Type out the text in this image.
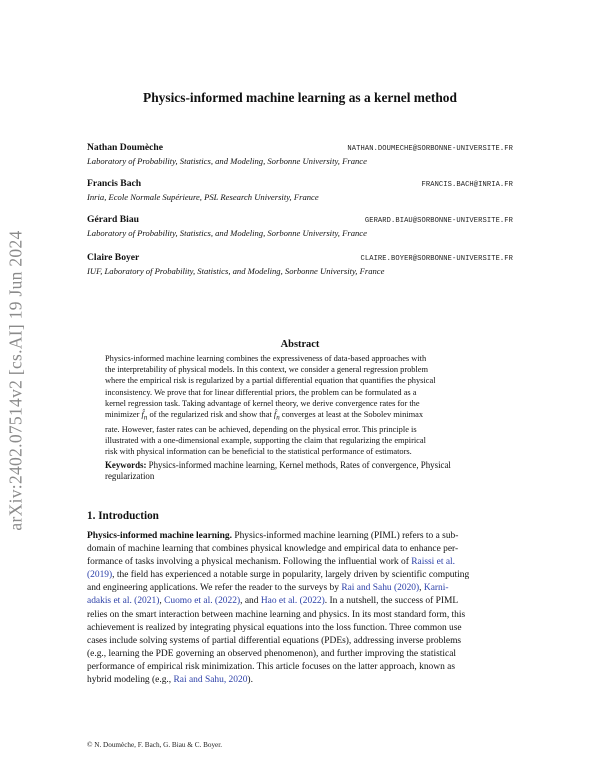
arXiv:2402.07514v2 [cs.AI] 19 Jun 2024
Physics-informed machine learning as a kernel method
Nathan Doumèche	NATHAN.DOUMECHE@SORBONNE-UNIVERSITE.FR
Laboratory of Probability, Statistics, and Modeling, Sorbonne University, France
Francis Bach	FRANCIS.BACH@INRIA.FR
Inria, Ecole Normale Supérieure, PSL Research University, France
Gérard Biau	GERARD.BIAU@SORBONNE-UNIVERSITE.FR
Laboratory of Probability, Statistics, and Modeling, Sorbonne University, France
Claire Boyer	CLAIRE.BOYER@SORBONNE-UNIVERSITE.FR
IUF, Laboratory of Probability, Statistics, and Modeling, Sorbonne University, France
Abstract
Physics-informed machine learning combines the expressiveness of data-based approaches with
the interpretability of physical models. In this context, we consider a general regression problem
where the empirical risk is regularized by a partial differential equation that quantifies the physical
inconsistency. We prove that for linear differential priors, the problem can be formulated as a
kernel regression task. Taking advantage of kernel theory, we derive convergence rates for the
minimizer $f̂_n$ of the regularized risk and show that $f̂_n$ converges at least at the Sobolev minimax
rate. However, faster rates can be achieved, depending on the physical error. This principle is
illustrated with a one-dimensional example, supporting the claim that regularizing the empirical
risk with physical information can be beneficial to the statistical performance of estimators.
Keywords: Physics-informed machine learning, Kernel methods, Rates of convergence, Physical
regularization
1. Introduction
Physics-informed machine learning. Physics-informed machine learning (PIML) refers to a sub-
domain of machine learning that combines physical knowledge and empirical data to enhance per-
formance of tasks involving a physical mechanism. Following the influential work of Raissi et al.
(2019), the field has experienced a notable surge in popularity, largely driven by scientific computing
and engineering applications. We refer the reader to the surveys by Rai and Sahu (2020), Karni-
adakis et al. (2021), Cuomo et al. (2022), and Hao et al. (2022). In a nutshell, the success of PIML
relies on the smart interaction between machine learning and physics. In its most standard form, this
achievement is realized by integrating physical equations into the loss function. Three common use
cases include solving systems of partial differential equations (PDEs), addressing inverse problems
(e.g., learning the PDE governing an observed phenomenon), and further improving the statistical
performance of empirical risk minimization. This article focuses on the latter approach, known as
hybrid modeling (e.g., Rai and Sahu, 2020).
© N. Doumèche, F. Bach, G. Biau & C. Boyer.
